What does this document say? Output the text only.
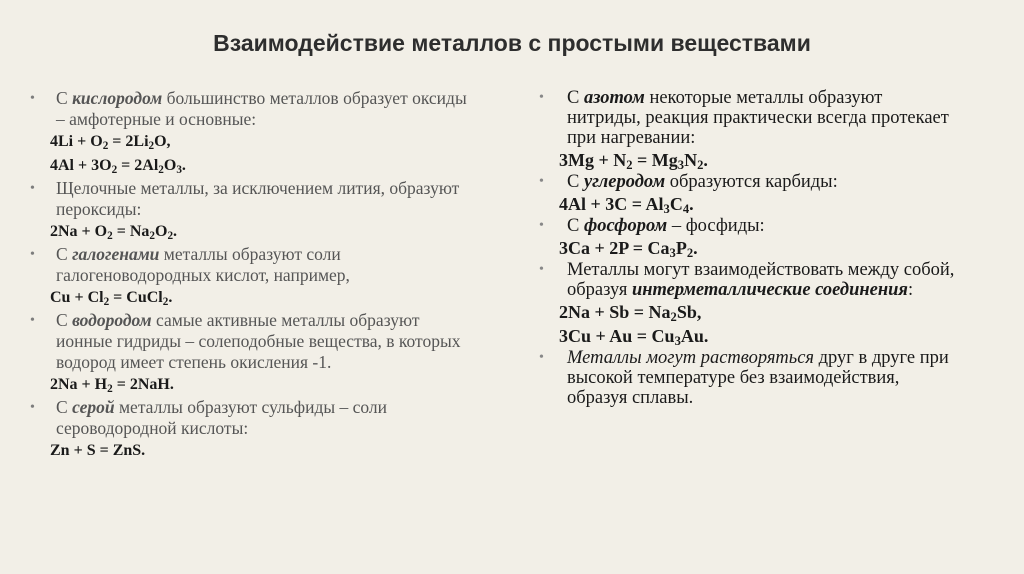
Взаимодействие металлов с простыми веществами
• С кислородом большинство металлов образует оксиды – амфотерные и основные:
$4Li + O_2 = 2Li_2O$,
$4Al + 3O_2 = 2Al_2O_3$.
• Щелочные металлы, за исключением лития, образуют пероксиды:
$2Na + O_2 = Na_2O_2$.
• С галогенами металлы образуют соли галогеноводородных кислот, например,
$Cu + Cl_2$ = CuCl$_2$.
• С водородом самые активные металлы образуют ионные гидриды – солеподобные вещества, в которых водород имеет степень окисления -1.
$2Na + H_2 = 2NaH$.
• С серой металлы образуют сульфиды – соли сероводородной кислоты:
Zn + S = ZnS.
• С азотом некоторые металлы образуют нитриды, реакция практически всегда протекает при нагревании:
$3Mg + N_2 = Mg_3N_2$.
• С углеродом образуются карбиды:
$4Al + 3C = Al_3C_4$.
• С фосфором – фосфиды:
$3Ca + 2P = Ca_3P_2$.
• Металлы могут взаимодействовать между собой, образуя интерметаллические соединения:
$2Na + Sb = Na_2Sb$,
$3Cu + Au = Cu_3Au$.
• Металлы могут растворяться друг в друге при высокой температуре без взаимодействия, образуя сплавы.
